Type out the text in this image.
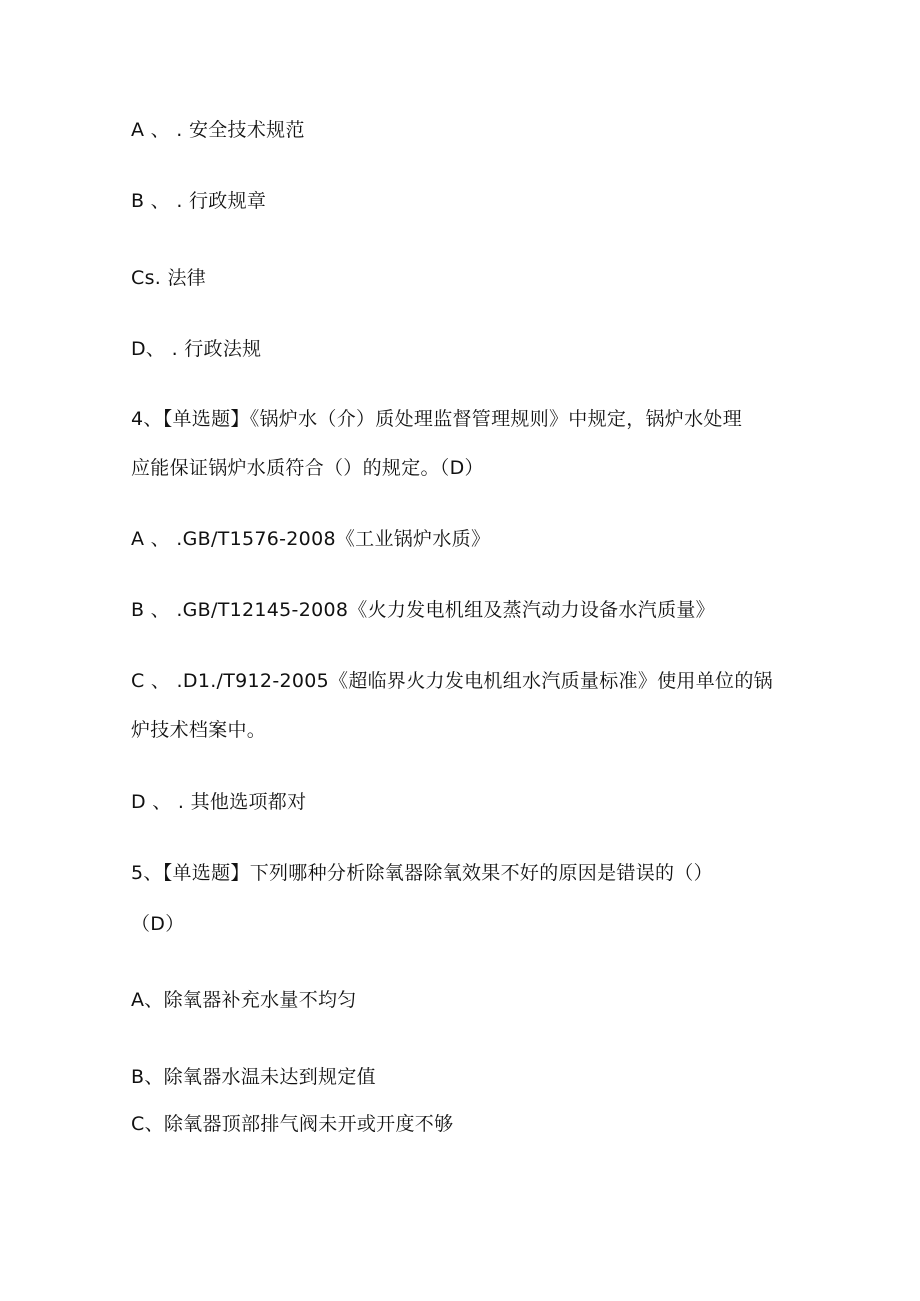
A 、 . 安全技术规范
B 、 . 行政规章
Cs. 法律
D、 . 行政法规
4、【单选题】《锅炉水（介）质处理监督管理规则》中规定，锅炉水处理
应能保证锅炉水质符合（）的规定。（D）
A 、 .GB/T1576-2008《工业锅炉水质》
B 、 .GB/T12145-2008《火力发电机组及蒸汽动力设备水汽质量》
C 、 .D1./T912-2005《超临界火力发电机组水汽质量标准》使用单位的锅
炉技术档案中。
D 、 . 其他选项都对
5、【单选题】下列哪种分析除氧器除氧效果不好的原因是错误的（）
（D）
A、除氧器补充水量不均匀
B、除氧器水温未达到规定值
C、除氧器顶部排气阀未开或开度不够
